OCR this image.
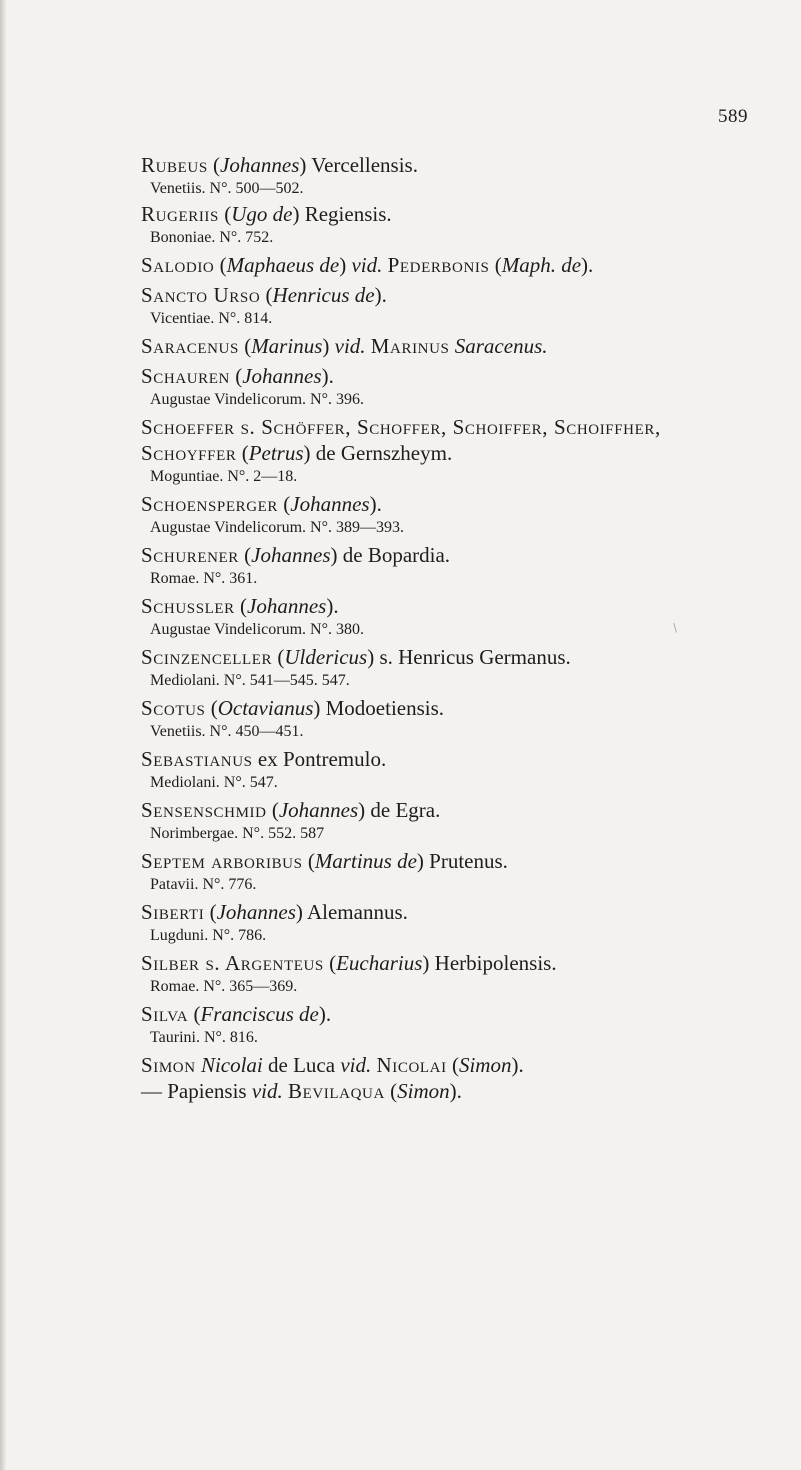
589
/
Rubeus (Johannes) Vercellensis.
Venetiis. N°. 500—502.
Rugeriis (Ugo de) Regiensis.
Bononiae. N°. 752.
Salodio (Maphaeus de) vid. Pederbonis (Maph. de).
Sancto Urso (Henricus de).
Vicentiae. N°. 814.
Saracenus (Marinus) vid. Marinus Saracenus.
Schauren (Johannes).
Augustae Vindelicorum. N°. 396.
Schoeffer s. Schöffer, Schoffer, Schoiffer, Schoiffher,
Schoyffer (Petrus) de Gernszheym.
Moguntiae. N°. 2—18.
Schoensperger (Johannes).
Augustae Vindelicorum. N°. 389—393.
Schurener (Johannes) de Bopardia.
Romae. N°. 361.
Schussler (Johannes).
Augustae Vindelicorum. N°. 380.
Scinzenceller (Uldericus) s. Henricus Germanus.
Mediolani. N°. 541—545. 547.
Scotus (Octavianus) Modoetiensis.
Venetiis. N°. 450—451.
Sebastianus ex Pontremulo.
Mediolani. N°. 547.
Sensenschmid (Johannes) de Egra.
Norimbergae. N°. 552. 587
Septem arboribus (Martinus de) Prutenus.
Patavii. N°. 776.
Siberti (Johannes) Alemannus.
Lugduni. N°. 786.
Silber s. Argenteus (Eucharius) Herbipolensis.
Romae. N°. 365—369.
Silva (Franciscus de).
Taurini. N°. 816.
Simon Nicolai de Luca vid. Nicolai (Simon).
— Papiensis vid. Bevilaqua (Simon).
